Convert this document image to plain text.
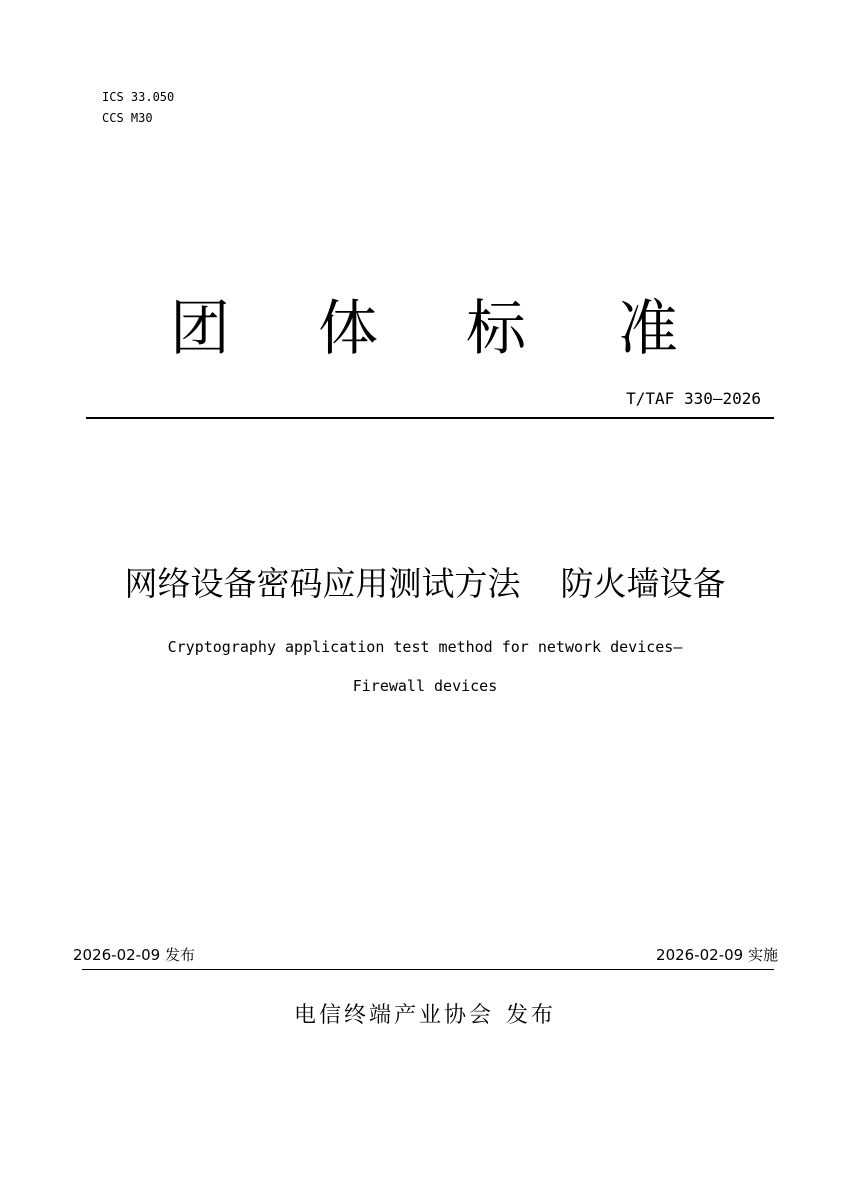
ICS 33.050
CCS M30
团 体 标 准
T/TAF 330—2026
网络设备密码应用测试方法 防火墙设备
Cryptography application test method for network devices—
Firewall devices
2026-02-09 发布	2026-02-09 实施
电信终端产业协会 发布
